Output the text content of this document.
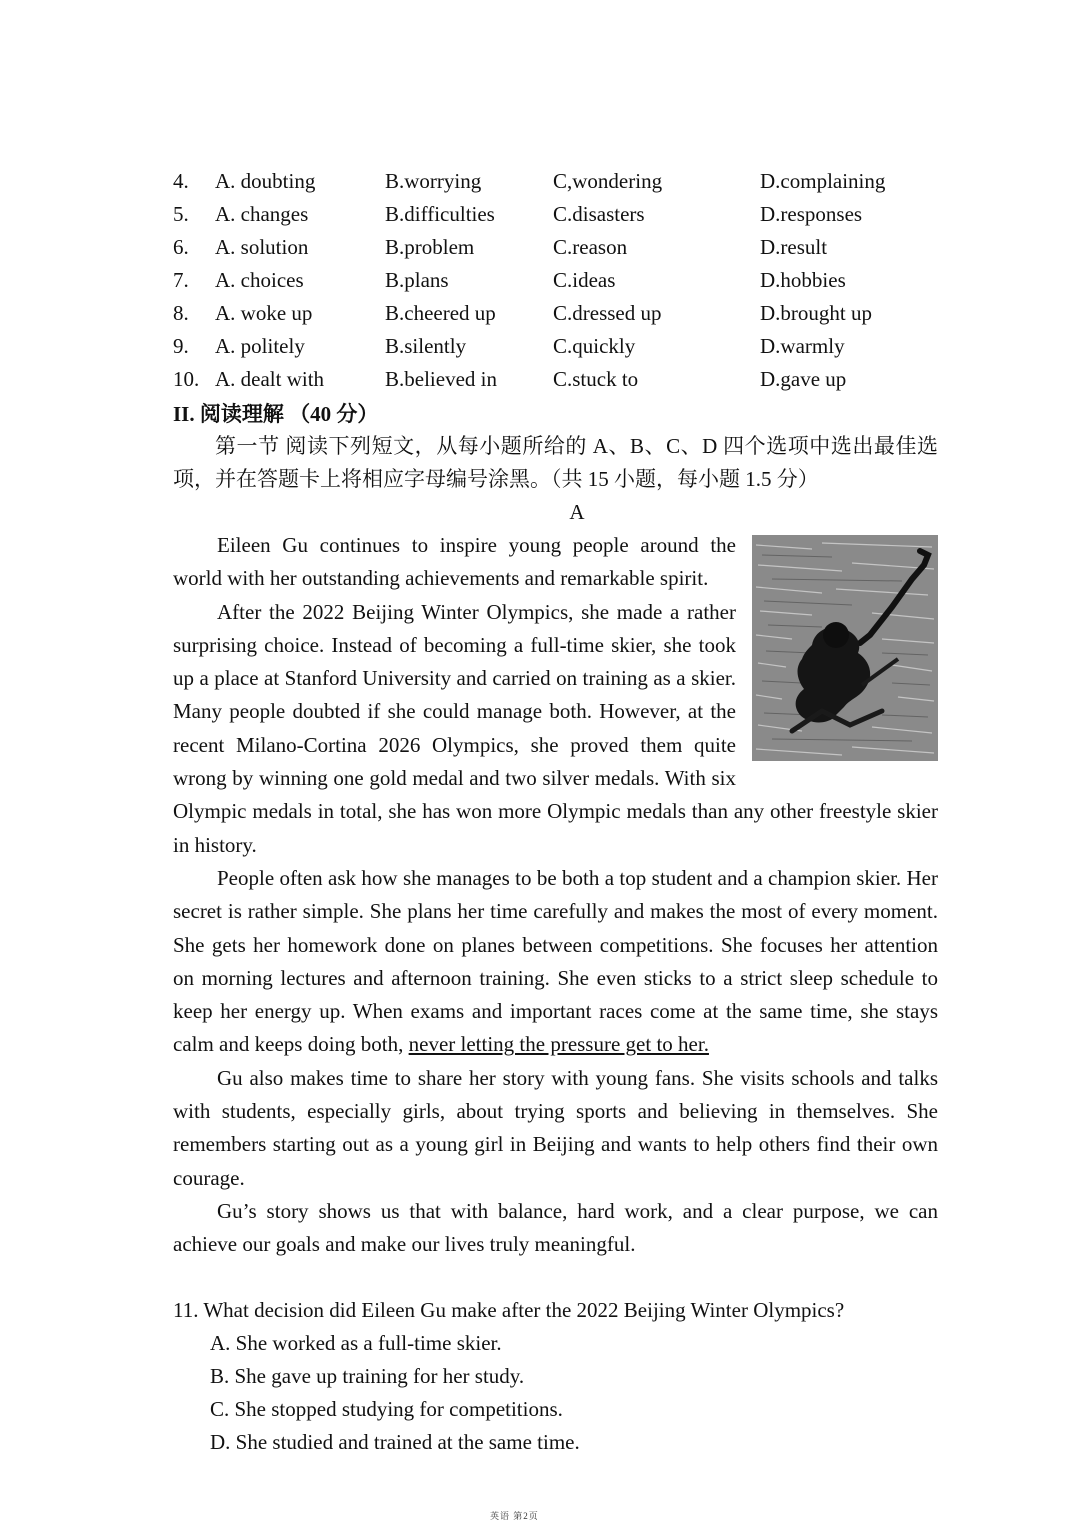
4.	A. doubting	B.worrying	C,wondering	D.complaining
5.	A. changes	B.difficulties	C.disasters	D.responses
6.	A. solution	B.problem	C.reason	D.result
7.	A. choices	B.plans	C.ideas	D.hobbies
8.	A. woke up	B.cheered up	C.dressed up	D.brought up
9.	A. politely	B.silently	C.quickly	D.warmly
10. A. dealt with	B.believed in	C.stuck to	D.gave up
II. 阅读理解 （40 分）
第一节 阅读下列短文，从每小题所给的 A、B、C、D 四个选项中选出最佳选项，并在答题卡上将相应字母编号涂黑。（共 15 小题，每小题 1.5 分）
A

Eileen Gu continues to inspire young people around the world with her outstanding achievements and remarkable spirit.

After the 2022 Beijing Winter Olympics, she made a rather surprising choice. Instead of becoming a full-time skier, she took up a place at Stanford University and carried on training as a skier. Many people doubted if she could manage both. However, at the recent Milano-Cortina 2026 Olympics, she proved them quite wrong by winning one gold medal and two silver medals. With six Olympic medals in total, she has won more Olympic medals than any other freestyle skier in history.

People often ask how she manages to be both a top student and a champion skier. Her secret is rather simple. She plans her time carefully and makes the most of every moment. She gets her homework done on planes between competitions. She focuses her attention on morning lectures and afternoon training. She even sticks to a strict sleep schedule to keep her energy up. When exams and important races come at the same time, she stays calm and keeps doing both, never letting the pressure get to her.

Gu also makes time to share her story with young fans. She visits schools and talks with students, especially girls, about trying sports and believing in themselves. She remembers starting out as a young girl in Beijing and wants to help others find their own courage.

Gu’s story shows us that with balance, hard work, and a clear purpose, we can achieve our goals and make our lives truly meaningful.

11. What decision did Eileen Gu make after the 2022 Beijing Winter Olympics?

A. She worked as a full-time skier.

B. She gave up training for her study.

C. She stopped studying for competitions.

D. She studied and trained at the same time.

英语 第2页
